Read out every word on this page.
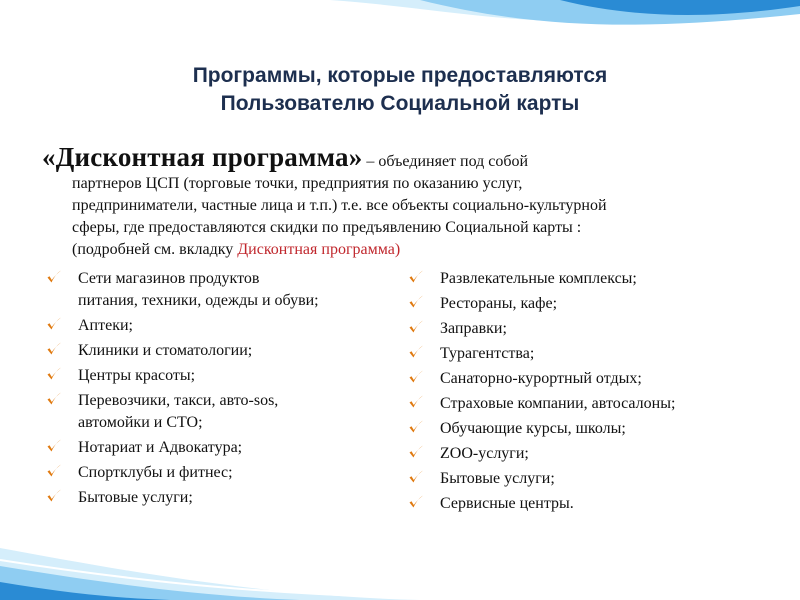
Программы, которые предоставляются
Пользователю Социальной карты
«Дисконтная программа» – объединяет под собой
партнеров ЦСП (торговые точки, предприятия по оказанию услуг,
предприниматели, частные лица и т.п.) т.е. все объекты социально-культурной
сферы, где предоставляются скидки по предъявлению Социальной карты :
(подробней см. вкладку Дисконтная программа)
Сети магазинов продуктов
питания, техники, одежды и обуви;
Аптеки;
Клиники и стоматологии;
Центры красоты;
Перевозчики, такси, авто-sos,
автомойки и СТО;
Нотариат и Адвокатура;
Спортклубы и фитнес;
Бытовые услуги;
Развлекательные комплексы;
Рестораны, кафе;
Заправки;
Турагентства;
Санаторно-курортный отдых;
Страховые компании, автосалоны;
Обучающие курсы, школы;
ZOO-услуги;
Бытовые услуги;
Сервисные центры.
